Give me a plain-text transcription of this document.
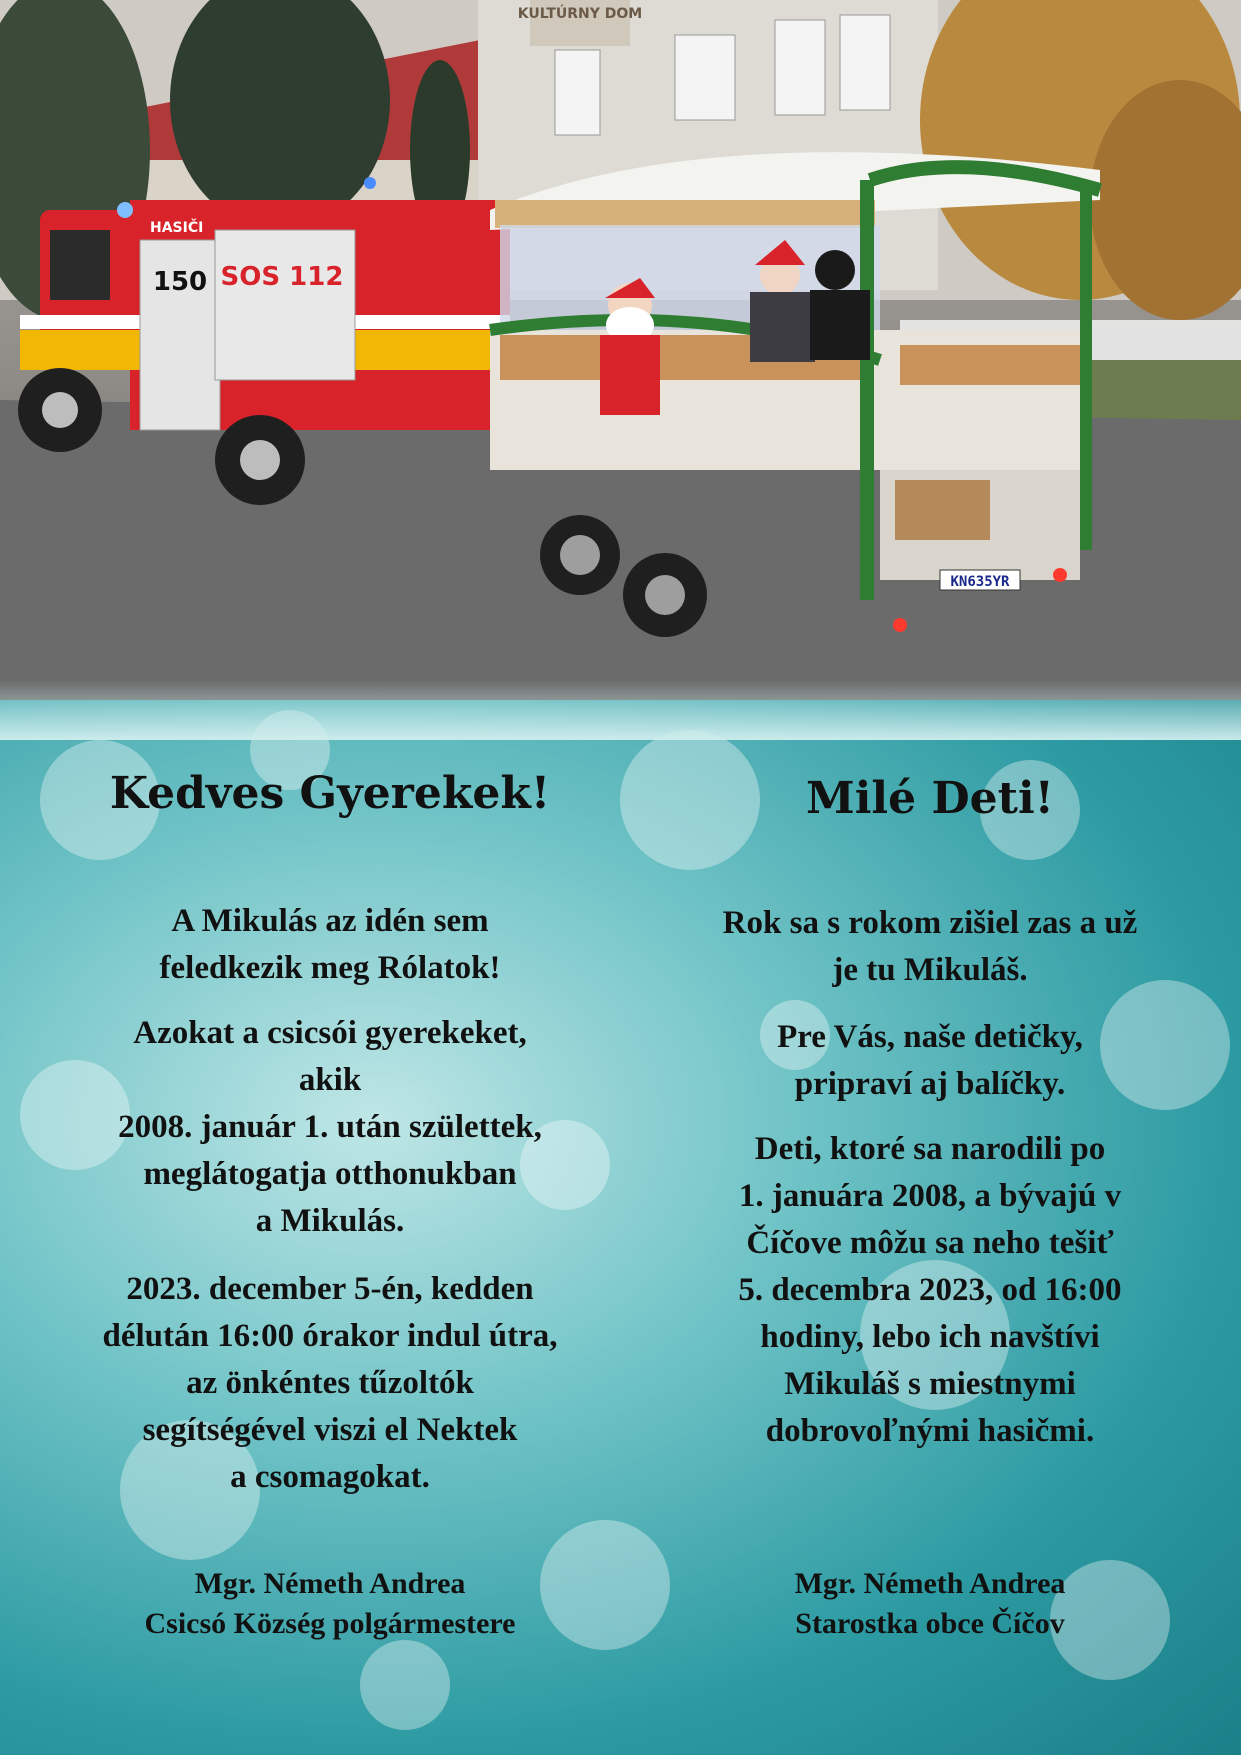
KULTÚRNY DOM
150 SOS 112
HASIČI
KN635YR
Kedves Gyerekek!

A Mikulás az idén sem
feledkezik meg Rólatok!

Azokat a csicsói gyerekeket,
akik
2008. január 1. után születtek,
meglátogatja otthonukban
a Mikulás.

2023. december 5-én, kedden
délután 16:00 órakor indul útra,
az önkéntes tűzoltók
segítségével viszi el Nektek
a csomagokat.

Mgr. Németh Andrea
Csicsó Község polgármestere

Milé Deti!

Rok sa s rokom zišiel zas a už
je tu Mikuláš.

Pre Vás, naše detičky,
pripraví aj balíčky.

Deti, ktoré sa narodili po
1. januára 2008, a bývajú v
Číčove môžu sa neho tešiť
5. decembra 2023, od 16:00
hodiny, lebo ich navštívi
Mikuláš s miestnymi
dobrovoľnými hasičmi.

Mgr. Németh Andrea
Starostka obce Číčov
